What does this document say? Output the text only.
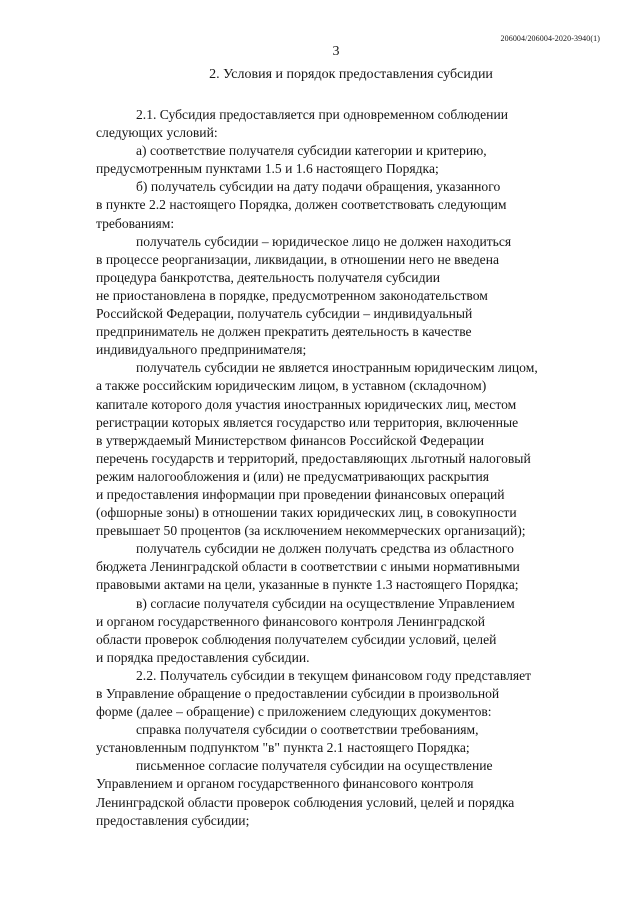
206004/206004-2020-3940(1)
3
2. Условия и порядок предоставления субсидии

2.1. Субсидия предоставляется при одновременном соблюдении
следующих условий:

а) соответствие получателя субсидии категории и критерию,
предусмотренным пунктами 1.5 и 1.6 настоящего Порядка;

б) получатель субсидии на дату подачи обращения, указанного
в пункте 2.2 настоящего Порядка, должен соответствовать следующим
требованиям:

получатель субсидии – юридическое лицо не должен находиться
в процессе реорганизации, ликвидации, в отношении него не введена
процедура банкротства, деятельность получателя субсидии
не приостановлена в порядке, предусмотренном законодательством
Российской Федерации, получатель субсидии – индивидуальный
предприниматель не должен прекратить деятельность в качестве
индивидуального предпринимателя;

получатель субсидии не является иностранным юридическим лицом,
а также российским юридическим лицом, в уставном (складочном)
капитале которого доля участия иностранных юридических лиц, местом
регистрации которых является государство или территория, включенные
в утверждаемый Министерством финансов Российской Федерации
перечень государств и территорий, предоставляющих льготный налоговый
режим налогообложения и (или) не предусматривающих раскрытия
и предоставления информации при проведении финансовых операций
(офшорные зоны) в отношении таких юридических лиц, в совокупности
превышает 50 процентов (за исключением некоммерческих организаций);

получатель субсидии не должен получать средства из областного
бюджета Ленинградской области в соответствии с иными нормативными
правовыми актами на цели, указанные в пункте 1.3 настоящего Порядка;

в) согласие получателя субсидии на осуществление Управлением
и органом государственного финансового контроля Ленинградской
области проверок соблюдения получателем субсидии условий, целей
и порядка предоставления субсидии.

2.2. Получатель субсидии в текущем финансовом году представляет
в Управление обращение о предоставлении субсидии в произвольной
форме (далее – обращение) с приложением следующих документов:

справка получателя субсидии о соответствии требованиям,
установленным подпунктом "в" пункта 2.1 настоящего Порядка;

письменное согласие получателя субсидии на осуществление
Управлением и органом государственного финансового контроля
Ленинградской области проверок соблюдения условий, целей и порядка
предоставления субсидии;
